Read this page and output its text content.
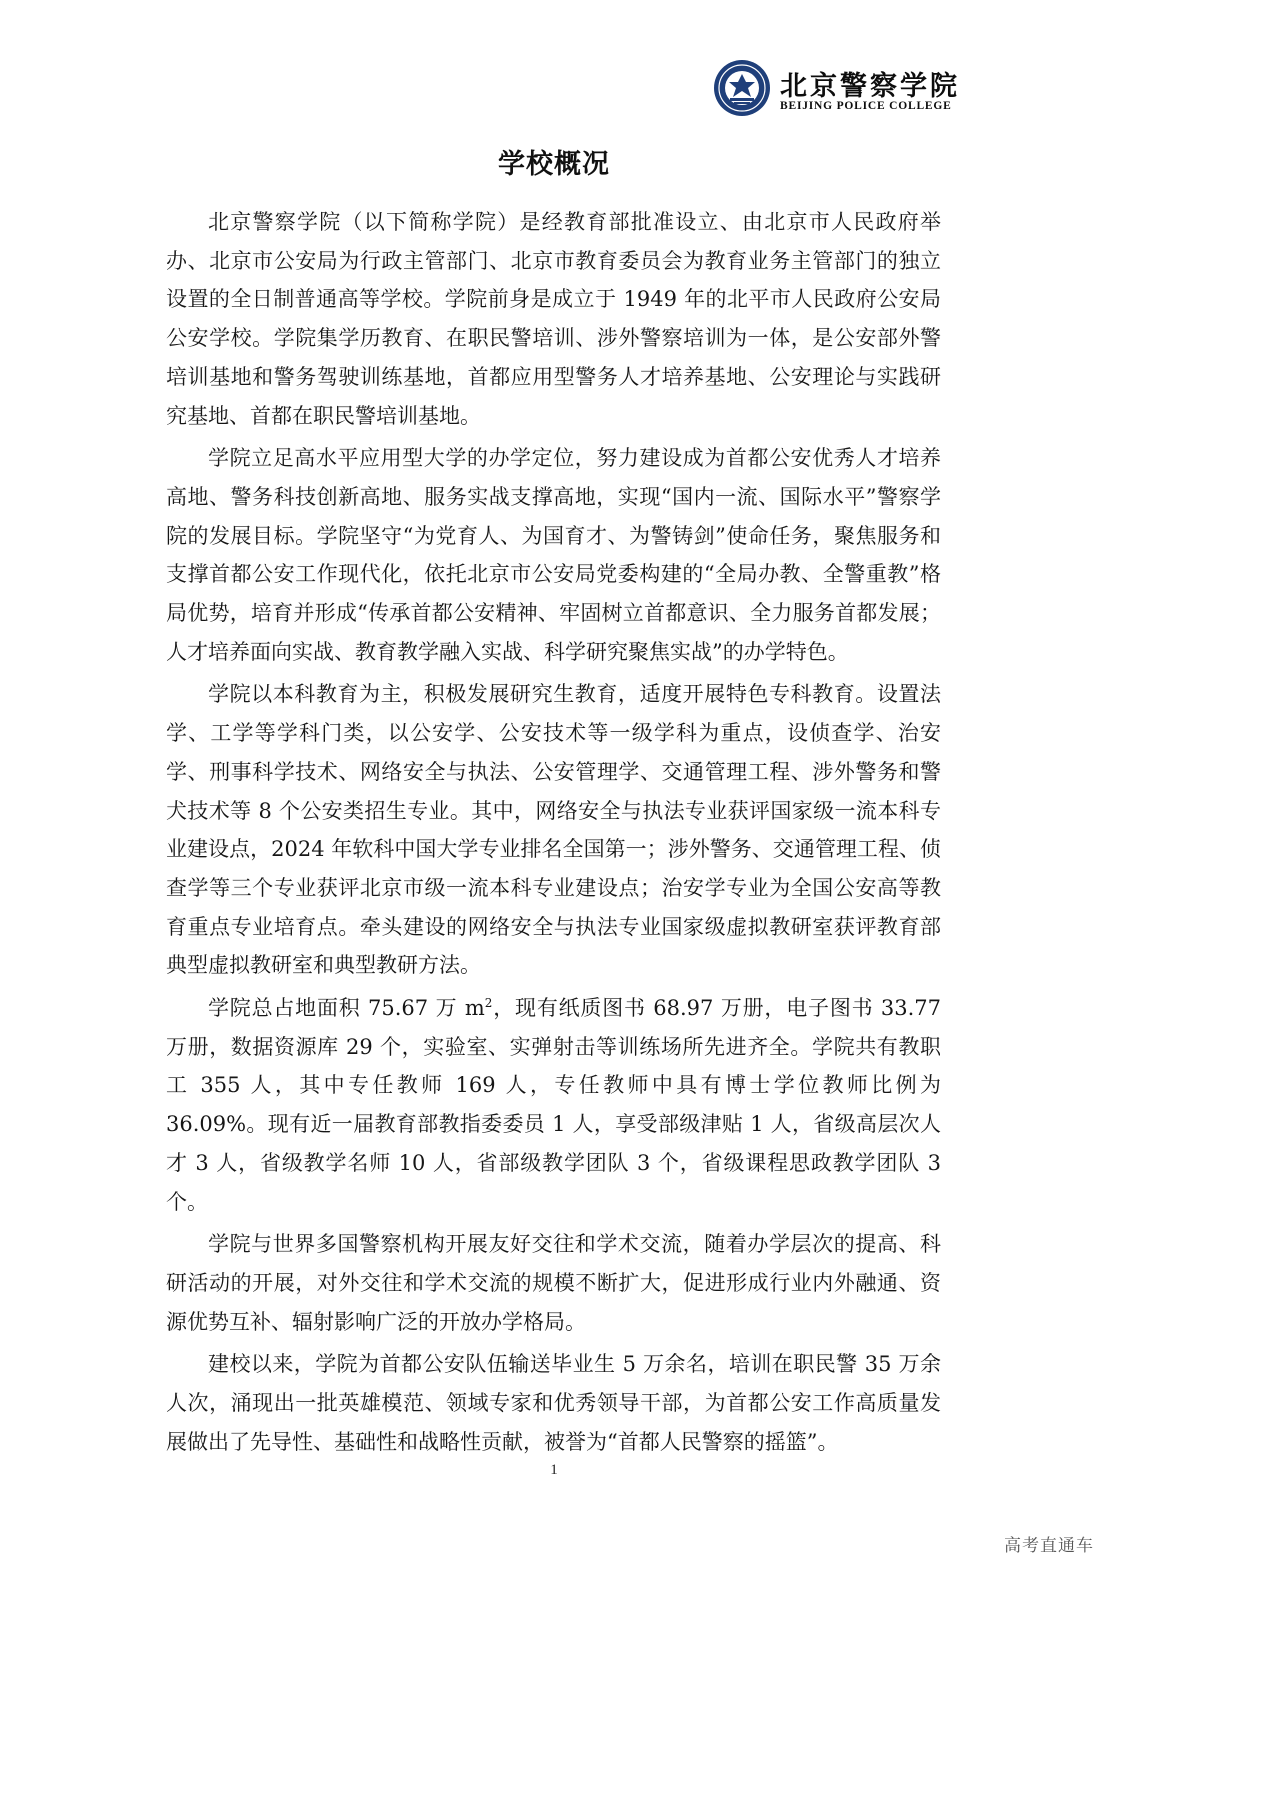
北京警察学院
BEIJING POLICE COLLEGE
学校概况

北京警察学院（以下简称学院）是经教育部批准设立、由北京市人民政府举办、北京市公安局为行政主管部门、北京市教育委员会为教育业务主管部门的独立设置的全日制普通高等学校。学院前身是成立于 1949 年的北平市人民政府公安局公安学校。学院集学历教育、在职民警培训、涉外警察培训为一体，是公安部外警培训基地和警务驾驶训练基地，首都应用型警务人才培养基地、公安理论与实践研究基地、首都在职民警培训基地。

学院立足高水平应用型大学的办学定位，努力建设成为首都公安优秀人才培养高地、警务科技创新高地、服务实战支撑高地，实现“国内一流、国际水平”警察学院的发展目标。学院坚守“为党育人、为国育才、为警铸剑”使命任务，聚焦服务和支撑首都公安工作现代化，依托北京市公安局党委构建的“全局办教、全警重教”格局优势，培育并形成“传承首都公安精神、牢固树立首都意识、全力服务首都发展；人才培养面向实战、教育教学融入实战、科学研究聚焦实战”的办学特色。

学院以本科教育为主，积极发展研究生教育，适度开展特色专科教育。设置法学、工学等学科门类，以公安学、公安技术等一级学科为重点，设侦查学、治安学、刑事科学技术、网络安全与执法、公安管理学、交通管理工程、涉外警务和警犬技术等 8 个公安类招生专业。其中，网络安全与执法专业获评国家级一流本科专业建设点，2024 年软科中国大学专业排名全国第一；涉外警务、交通管理工程、侦查学等三个专业获评北京市级一流本科专业建设点；治安学专业为全国公安高等教育重点专业培育点。牵头建设的网络安全与执法专业国家级虚拟教研室获评教育部典型虚拟教研室和典型教研方法。

学院总占地面积 75.67 万 $m^2$，现有纸质图书 68.97 万册，电子图书 33.77 万册，数据资源库 29 个，实验室、实弹射击等训练场所先进齐全。学院共有教职工 355 人，其中专任教师 169 人，专任教师中具有博士学位教师比例为 36.09%。现有近一届教育部教指委委员 1 人，享受部级津贴 1 人，省级高层次人才 3 人，省级教学名师 10 人，省部级教学团队 3 个，省级课程思政教学团队 3 个。

学院与世界多国警察机构开展友好交往和学术交流，随着办学层次的提高、科研活动的开展，对外交往和学术交流的规模不断扩大，促进形成行业内外融通、资源优势互补、辐射影响广泛的开放办学格局。

建校以来，学院为首都公安队伍输送毕业生 5 万余名，培训在职民警 35 万余人次，涌现出一批英雄模范、领域专家和优秀领导干部，为首都公安工作高质量发展做出了先导性、基础性和战略性贡献，被誉为“首都人民警察的摇篮”。

1
高考直通车
